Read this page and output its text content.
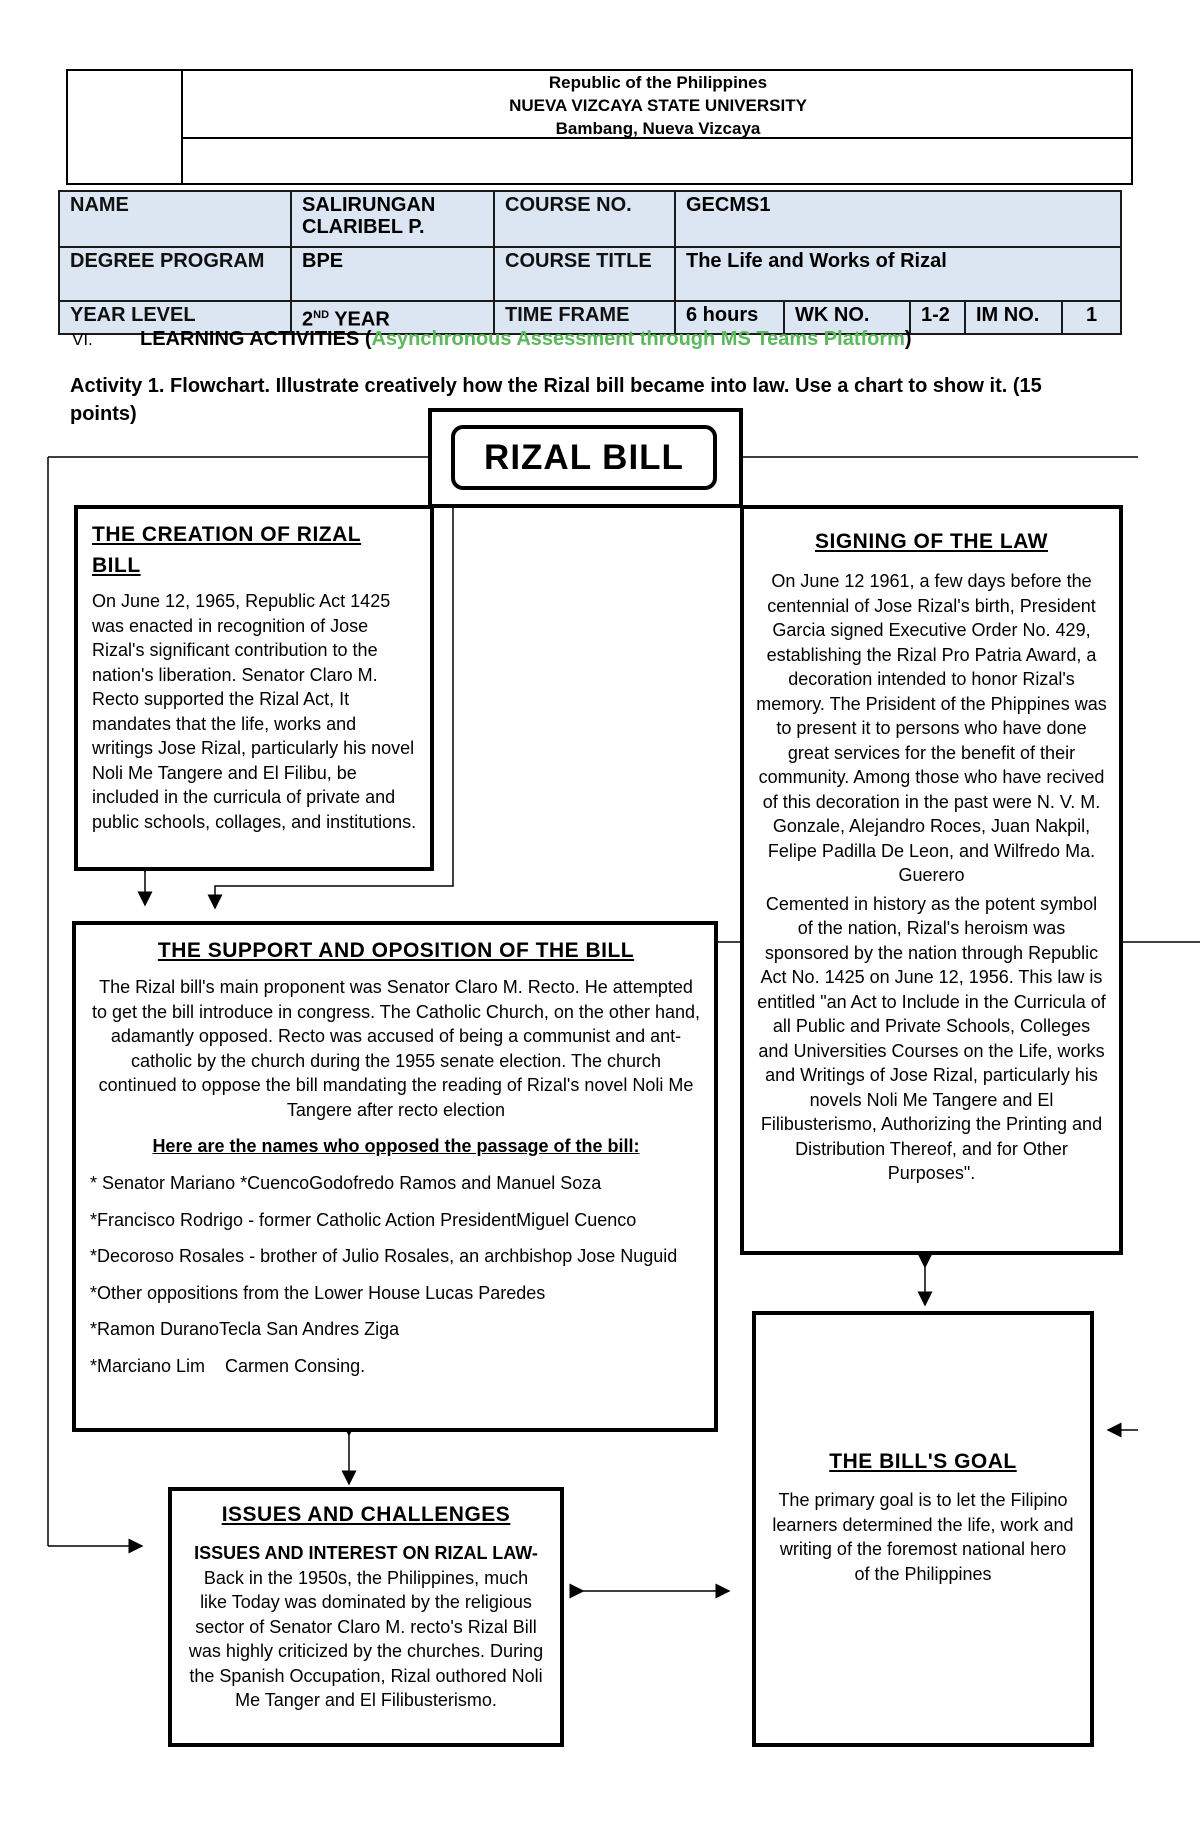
Republic of the Philippines
NUEVA VIZCAYA STATE UNIVERSITY
Bambang, Nueva Vizcaya
NAME	SALIRUNGAN CLARIBEL P.	COURSE NO.	GECMS1				
DEGREE PROGRAM	BPE	COURSE TITLE	The Life and Works of Rizal				
YEAR LEVEL	2ND YEAR	TIME FRAME	6 hours	WK NO.	1-2	IM NO.	1
VI. LEARNING ACTIVITIES (Asynchronous Assessment through MS Teams Platform)
Activity 1. Flowchart. Illustrate creatively how the Rizal bill became into law. Use a chart to show it. (15 points)
RIZAL BILL
THE CREATION OF RIZAL BILL
On June 12, 1965, Republic Act 1425 was enacted in recognition of Jose Rizal's significant contribution to the nation's liberation. Senator Claro M. Recto supported the Rizal Act, It mandates that the life, works and writings Jose Rizal, particularly his novel Noli Me Tangere and El Filibu, be included in the curricula of private and public schools, collages, and institutions.
SIGNING OF THE LAW
On June 12 1961, a few days before the centennial of Jose Rizal's birth, President Garcia signed Executive Order No. 429, establishing the Rizal Pro Patria Award, a decoration intended to honor Rizal's memory. The Prisident of the Phippines was to present it to persons who have done great services for the benefit of their community. Among those who have recived of this decoration in the past were N. V. M. Gonzale, Alejandro Roces, Juan Nakpil, Felipe Padilla De Leon, and Wilfredo Ma. Guerero
Cemented in history as the potent symbol of the nation, Rizal's heroism was sponsored by the nation through Republic Act No. 1425 on June 12, 1956. This law is entitled "an Act to Include in the Curricula of all Public and Private Schools, Colleges and Universities Courses on the Life, works and Writings of Jose Rizal, particularly his novels Noli Me Tangere and El Filibusterismo, Authorizing the Printing and Distribution Thereof, and for Other Purposes".
THE SUPPORT AND OPOSITION OF THE BILL
The Rizal bill's main proponent was Senator Claro M. Recto. He attempted to get the bill introduce in congress. The Catholic Church, on the other hand, adamantly opposed. Recto was accused of being a communist and ant-catholic by the church during the 1955 senate election. The church continued to oppose the bill mandating the reading of Rizal's novel Noli Me Tangere after recto election
Here are the names who opposed the passage of the bill:
* Senator Mariano *CuencoGodofredo Ramos and Manuel Soza
*Francisco Rodrigo - former Catholic Action PresidentMiguel Cuenco
*Decoroso Rosales - brother of Julio Rosales, an archbishop Jose Nuguid
*Other oppositions from the Lower House Lucas Paredes
*Ramon DuranoTecla San Andres Ziga
*Marciano Lim    Carmen Consing.
ISSUES AND CHALLENGES
ISSUES AND INTEREST ON RIZAL LAW- Back in the 1950s, the Philippines, much like Today was dominated by the religious sector of Senator Claro M. recto's Rizal Bill was highly criticized by the churches. During the Spanish Occupation, Rizal outhored Noli Me Tanger and El Filibusterismo.
THE BILL'S GOAL
The primary goal is to let the Filipino learners determined the life, work and writing of the foremost national hero of the Philippines
